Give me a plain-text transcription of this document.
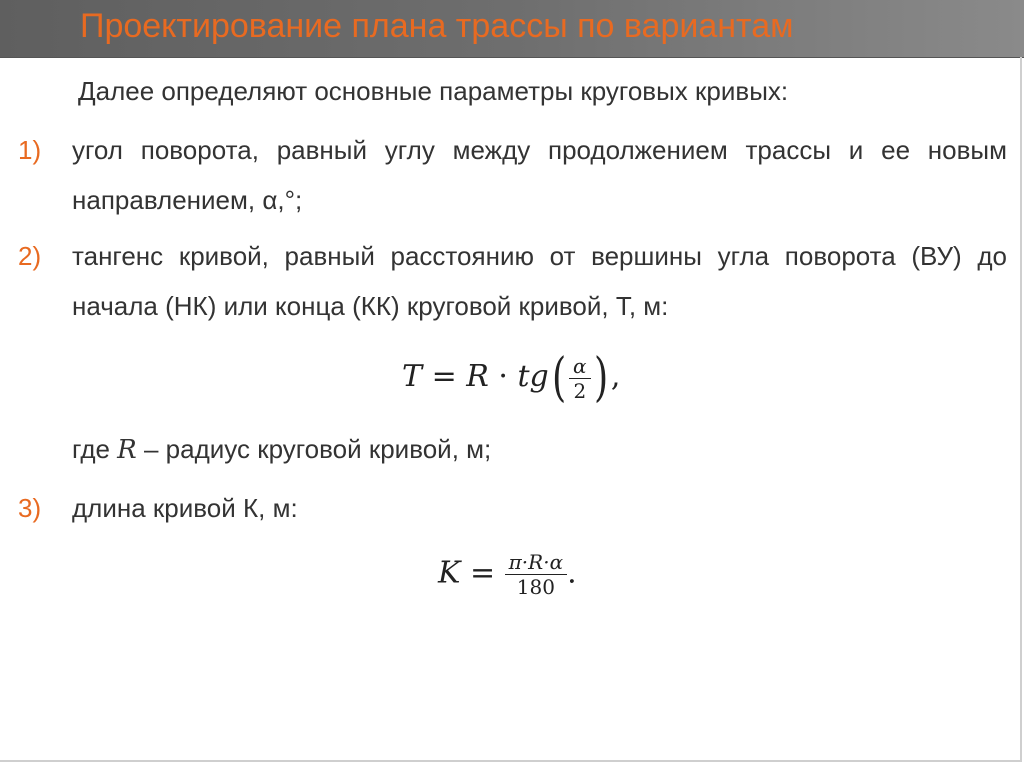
Проектирование плана трассы по вариантам
Далее определяют основные параметры круговых кривых:
1) угол поворота, равный углу между продолжением трассы и ее новым направлением, α,°;
2) тангенс кривой, равный расстоянию от вершины угла поворота (ВУ) до начала (НК) или конца (КК) круговой кривой, Т, м:
$T = R \cdot tg( \frac{\alpha}{2}$ ) ,
где R – радиус круговой кривой, м;
3) длина кривой К, м:
$K = \frac{\pi\cdot R\cdot\alpha}{180}$ .
